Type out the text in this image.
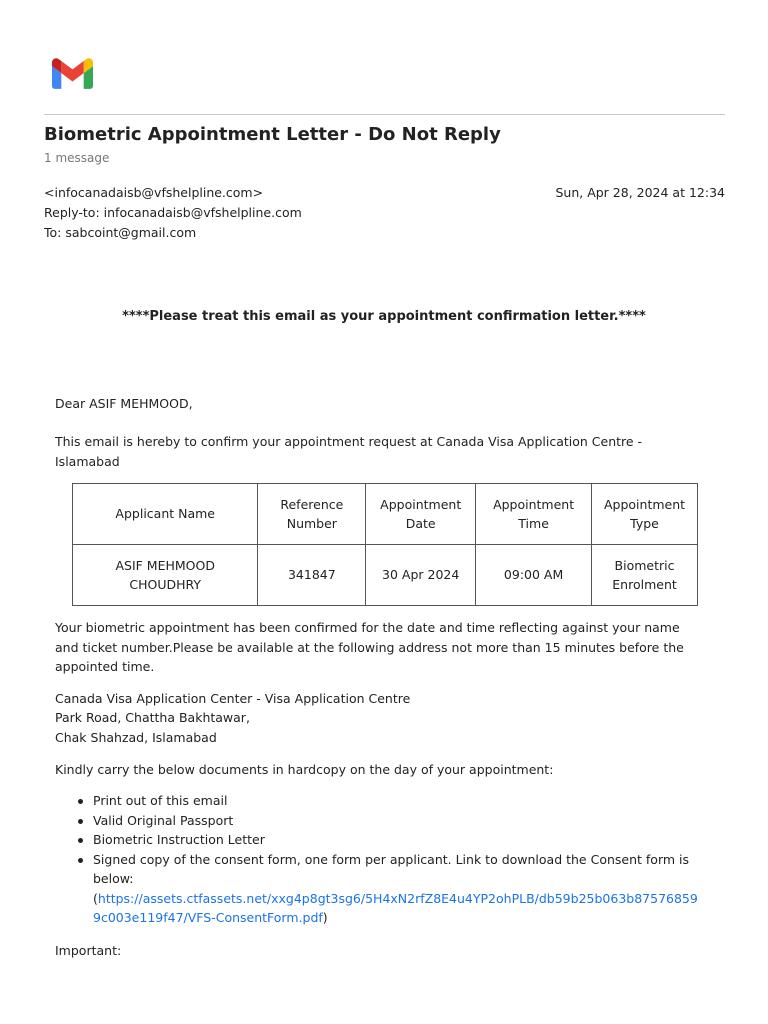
Biometric Appointment Letter - Do Not Reply
1 message
<infocanadaisb@vfshelpline.com>	Sun, Apr 28, 2024 at 12:34
Reply-to: infocanadaisb@vfshelpline.com
To: sabcoint@gmail.com
****Please treat this email as your appointment confirmation letter.****
Dear ASIF MEHMOOD,
This email is hereby to confirm your appointment request at Canada Visa Application Centre - Islamabad
Applicant Name	Reference Number	Appointment Date	Appointment Time	Appointment Type
ASIF MEHMOOD CHOUDHRY	341847	30 Apr 2024	09:00 AM	Biometric Enrolment
Your biometric appointment has been confirmed for the date and time reflecting against your name and ticket number.Please be available at the following address not more than 15 minutes before the appointed time.
Canada Visa Application Center - Visa Application Centre
Park Road, Chattha Bakhtawar,
Chak Shahzad, Islamabad
Kindly carry the below documents in hardcopy on the day of your appointment:
Print out of this email
Valid Original Passport
Biometric Instruction Letter
Signed copy of the consent form, one form per applicant. Link to download the Consent form is below:
(https://assets.ctfassets.net/xxg4p8gt3sg6/5H4xN2rfZ8E4u4YP2ohPLB/db59b25b063b875768599c003e119f47/VFS-ConsentForm.pdf)
Important:
